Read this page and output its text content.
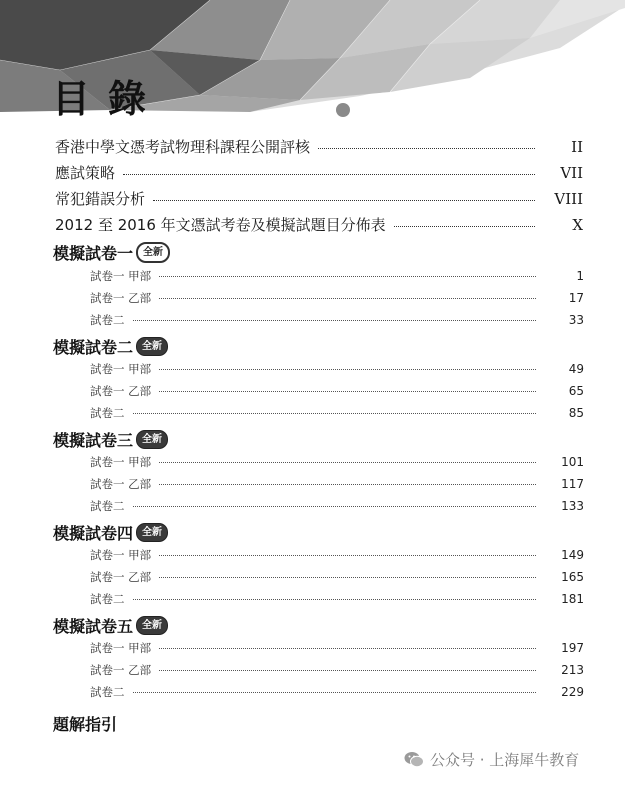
目錄
香港中學文憑考試物理科課程公開評核	II
應試策略	VII
常犯錯誤分析	VIII
2012 至 2016 年文憑試考卷及模擬試題目分佈表	X
模擬試卷一	全新
試卷一 甲部	1
試卷一 乙部	17
試卷二	33
模擬試卷二 全新
試卷一 甲部	49
試卷一 乙部	65
試卷二	85
模擬試卷三 全新
試卷一 甲部	101
試卷一 乙部	117
試卷二	133
模擬試卷四 全新
試卷一 甲部	149
試卷一 乙部	165
試卷二	181
模擬試卷五 全新
試卷一 甲部	197
試卷一 乙部	213
試卷二	229
題解指引
公众号 · 上海犀牛教育
